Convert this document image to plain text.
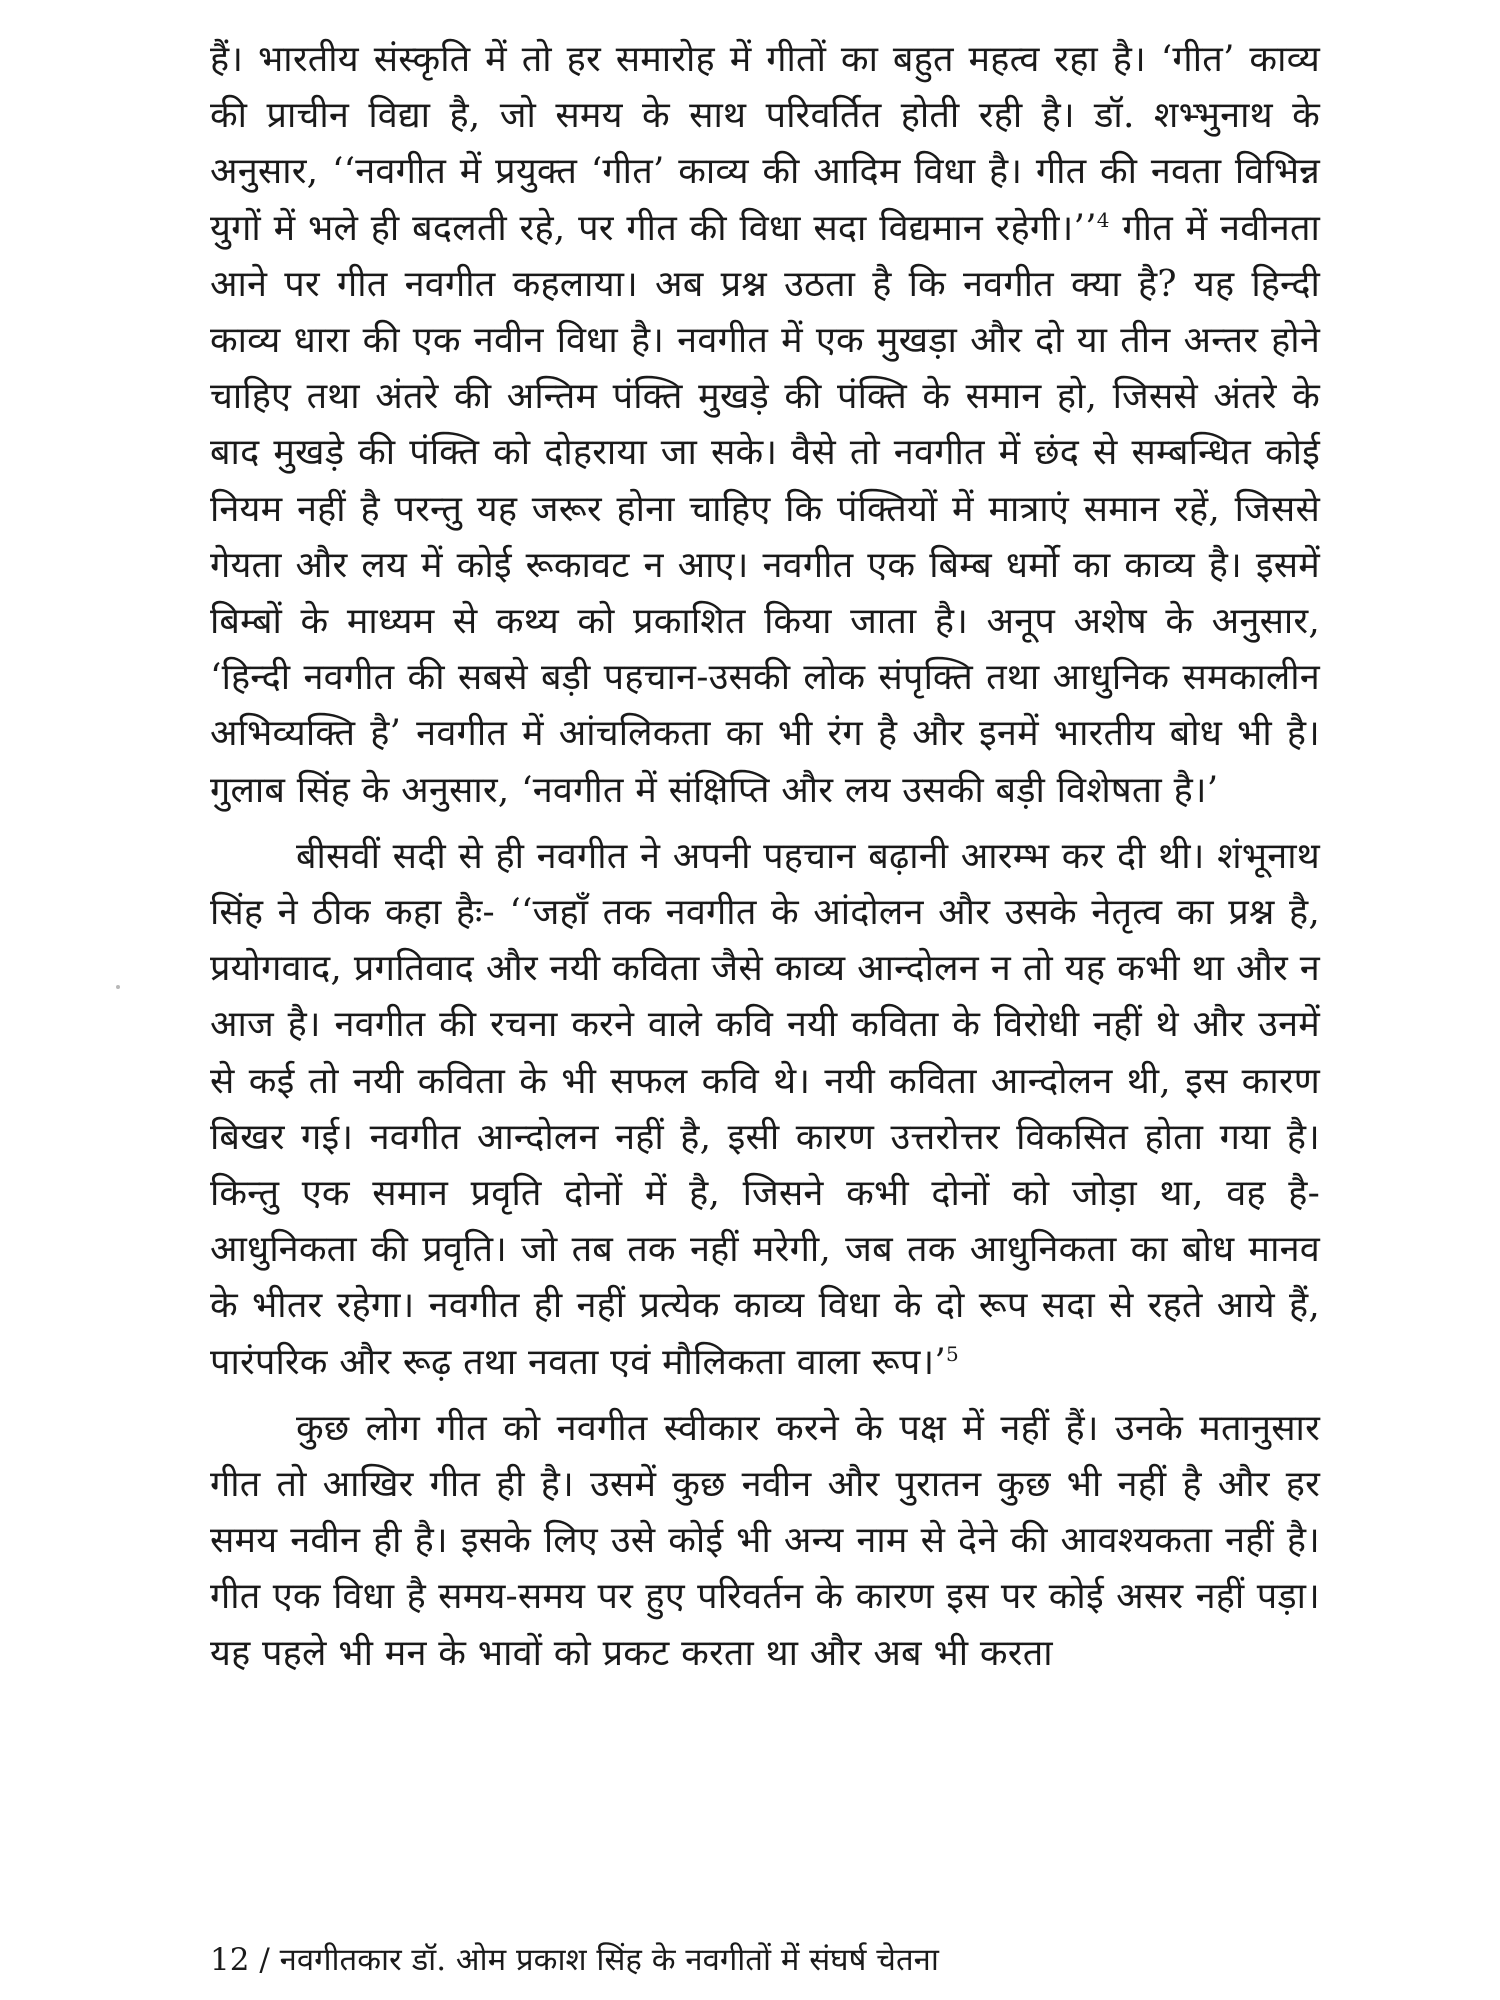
हैं। भारतीय संस्कृति में तो हर समारोह में गीतों का बहुत महत्व रहा है। ‘गीत’ काव्य की प्राचीन विद्या है, जो समय के साथ परिवर्तित होती रही है। डॉ. शभ्भुनाथ के अनुसार, ‘‘नवगीत में प्रयुक्त ‘गीत’ काव्य की आदिम विधा है। गीत की नवता विभिन्न युगों में भले ही बदलती रहे, पर गीत की विधा सदा विद्यमान रहेगी।’’$^4$ गीत में नवीनता आने पर गीत नवगीत कहलाया। अब प्रश्न उठता है कि नवगीत क्या है? यह हिन्दी काव्य धारा की एक नवीन विधा है। नवगीत में एक मुखड़ा और दो या तीन अन्तर होने चाहिए तथा अंतरे की अन्तिम पंक्ति मुखड़े की पंक्ति के समान हो, जिससे अंतरे के बाद मुखड़े की पंक्ति को दोहराया जा सके। वैसे तो नवगीत में छंद से सम्बन्धित कोई नियम नहीं है परन्तु यह जरूर होना चाहिए कि पंक्तियों में मात्राएं समान रहें, जिससे गेयता और लय में कोई रूकावट न आए। नवगीत एक बिम्ब धर्मो का काव्य है। इसमें बिम्बों के माध्यम से कथ्य को प्रकाशित किया जाता है। अनूप अशेष के अनुसार, ‘हिन्दी नवगीत की सबसे बड़ी पहचान-उसकी लोक संपृक्ति तथा आधुनिक समकालीन अभिव्यक्ति है’ नवगीत में आंचलिकता का भी रंग है और इनमें भारतीय बोध भी है। गुलाब सिंह के अनुसार, ‘नवगीत में संक्षिप्ति और लय उसकी बड़ी विशेषता है।’

बीसवीं सदी से ही नवगीत ने अपनी पहचान बढ़ानी आरम्भ कर दी थी। शंभूनाथ सिंह ने ठीक कहा हैः- ‘‘जहाँ तक नवगीत के आंदोलन और उसके नेतृत्व का प्रश्न है, प्रयोगवाद, प्रगतिवाद और नयी कविता जैसे काव्य आन्दोलन न तो यह कभी था और न आज है। नवगीत की रचना करने वाले कवि नयी कविता के विरोधी नहीं थे और उनमें से कई तो नयी कविता के भी सफल कवि थे। नयी कविता आन्दोलन थी, इस कारण बिखर गई। नवगीत आन्दोलन नहीं है, इसी कारण उत्तरोत्तर विकसित होता गया है। किन्तु एक समान प्रवृति दोनों में है, जिसने कभी दोनों को जोड़ा था, वह है- आधुनिकता की प्रवृति। जो तब तक नहीं मरेगी, जब तक आधुनिकता का बोध मानव के भीतर रहेगा। नवगीत ही नहीं प्रत्येक काव्य विधा के दो रूप सदा से रहते आये हैं, पारंपरिक और रूढ़ तथा नवता एवं मौलिकता वाला रूप।’$^5$

कुछ लोग गीत को नवगीत स्वीकार करने के पक्ष में नहीं हैं। उनके मतानुसार गीत तो आखिर गीत ही है। उसमें कुछ नवीन और पुरातन कुछ भी नहीं है और हर समय नवीन ही है। इसके लिए उसे कोई भी अन्य नाम से देने की आवश्यकता नहीं है। गीत एक विधा है समय-समय पर हुए परिवर्तन के कारण इस पर कोई असर नहीं पड़ा। यह पहले भी मन के भावों को प्रकट करता था और अब भी करता

12 / नवगीतकार डॉ. ओम प्रकाश सिंह के नवगीतों में संघर्ष चेतना
